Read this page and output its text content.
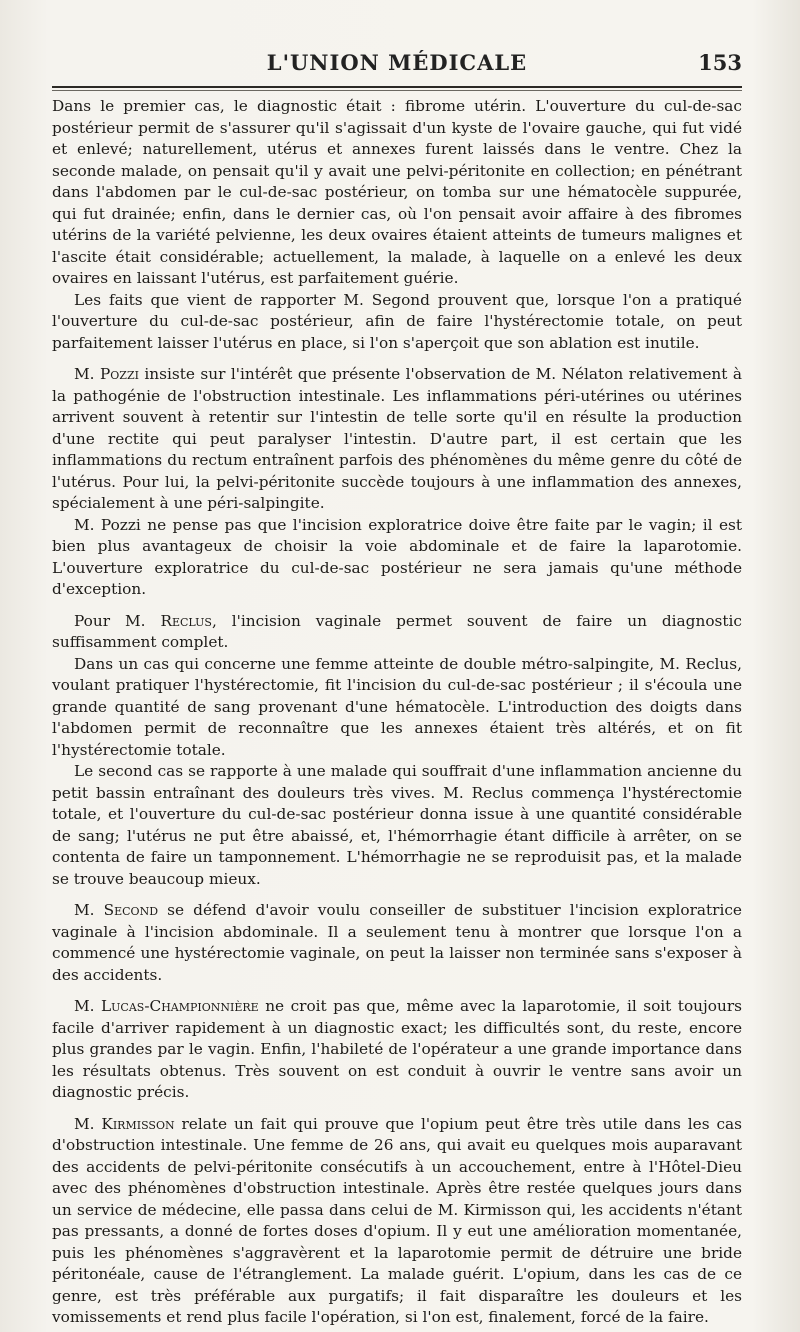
L'UNION MÉDICALE	153

Dans le premier cas, le diagnostic était : fibrome utérin. L'ouverture du cul-de-sac postérieur permit de s'assurer qu'il s'agissait d'un kyste de l'ovaire gauche, qui fut vidé et enlevé; naturellement, utérus et annexes furent laissés dans le ventre. Chez la seconde malade, on pensait qu'il y avait une pelvi-péritonite en collection; en pénétrant dans l'abdomen par le cul-de-sac postérieur, on tomba sur une hématocèle suppurée, qui fut drainée; enfin, dans le dernier cas, où l'on pensait avoir affaire à des fibromes utérins de la variété pelvienne, les deux ovaires étaient atteints de tumeurs malignes et l'ascite était considérable; actuellement, la malade, à laquelle on a enlevé les deux ovaires en laissant l'utérus, est parfaitement guérie.

Les faits que vient de rapporter M. Segond prouvent que, lorsque l'on a pratiqué l'ouverture du cul-de-sac postérieur, afin de faire l'hystérectomie totale, on peut parfaitement laisser l'utérus en place, si l'on s'aperçoit que son ablation est inutile.

M. Pozzi insiste sur l'intérêt que présente l'observation de M. Nélaton relativement à la pathogénie de l'obstruction intestinale. Les inflammations péri-utérines ou utérines arrivent souvent à retentir sur l'intestin de telle sorte qu'il en résulte la production d'une rectite qui peut paralyser l'intestin. D'autre part, il est certain que les inflammations du rectum entraînent parfois des phénomènes du même genre du côté de l'utérus. Pour lui, la pelvi-péritonite succède toujours à une inflammation des annexes, spécialement à une péri-salpingite.

M. Pozzi ne pense pas que l'incision exploratrice doive être faite par le vagin; il est bien plus avantageux de choisir la voie abdominale et de faire la laparotomie. L'ouverture exploratrice du cul-de-sac postérieur ne sera jamais qu'une méthode d'exception.

Pour M. Reclus, l'incision vaginale permet souvent de faire un diagnostic suffisamment complet.

Dans un cas qui concerne une femme atteinte de double métro-salpingite, M. Reclus, voulant pratiquer l'hystérectomie, fit l'incision du cul-de-sac postérieur ; il s'écoula une grande quantité de sang provenant d'une hématocèle. L'introduction des doigts dans l'abdomen permit de reconnaître que les annexes étaient très altérés, et on fit l'hystérectomie totale.

Le second cas se rapporte à une malade qui souffrait d'une inflammation ancienne du petit bassin entraînant des douleurs très vives. M. Reclus commença l'hystérectomie totale, et l'ouverture du cul-de-sac postérieur donna issue à une quantité considérable de sang; l'utérus ne put être abaissé, et, l'hémorrhagie étant difficile à arrêter, on se contenta de faire un tamponnement. L'hémorrhagie ne se reproduisit pas, et la malade se trouve beaucoup mieux.

M. Second se défend d'avoir voulu conseiller de substituer l'incision exploratrice vaginale à l'incision abdominale. Il a seulement tenu à montrer que lorsque l'on a commencé une hystérectomie vaginale, on peut la laisser non terminée sans s'exposer à des accidents.

M. Lucas-Championnière ne croit pas que, même avec la laparotomie, il soit toujours facile d'arriver rapidement à un diagnostic exact; les difficultés sont, du reste, encore plus grandes par le vagin. Enfin, l'habileté de l'opérateur a une grande importance dans les résultats obtenus. Très souvent on est conduit à ouvrir le ventre sans avoir un diagnostic précis.

M. Kirmisson relate un fait qui prouve que l'opium peut être très utile dans les cas d'obstruction intestinale. Une femme de 26 ans, qui avait eu quelques mois auparavant des accidents de pelvi-péritonite consécutifs à un accouchement, entre à l'Hôtel-Dieu avec des phénomènes d'obstruction intestinale. Après être restée quelques jours dans un service de médecine, elle passa dans celui de M. Kirmisson qui, les accidents n'étant pas pressants, a donné de fortes doses d'opium. Il y eut une amélioration momentanée, puis les phénomènes s'aggravèrent et la laparotomie permit de détruire une bride péritonéale, cause de l'étranglement. La malade guérit. L'opium, dans les cas de ce genre, est très préférable aux purgatifs; il fait disparaître les douleurs et les vomissements et rend plus facile l'opération, si l'on est, finalement, forcé de la faire.
